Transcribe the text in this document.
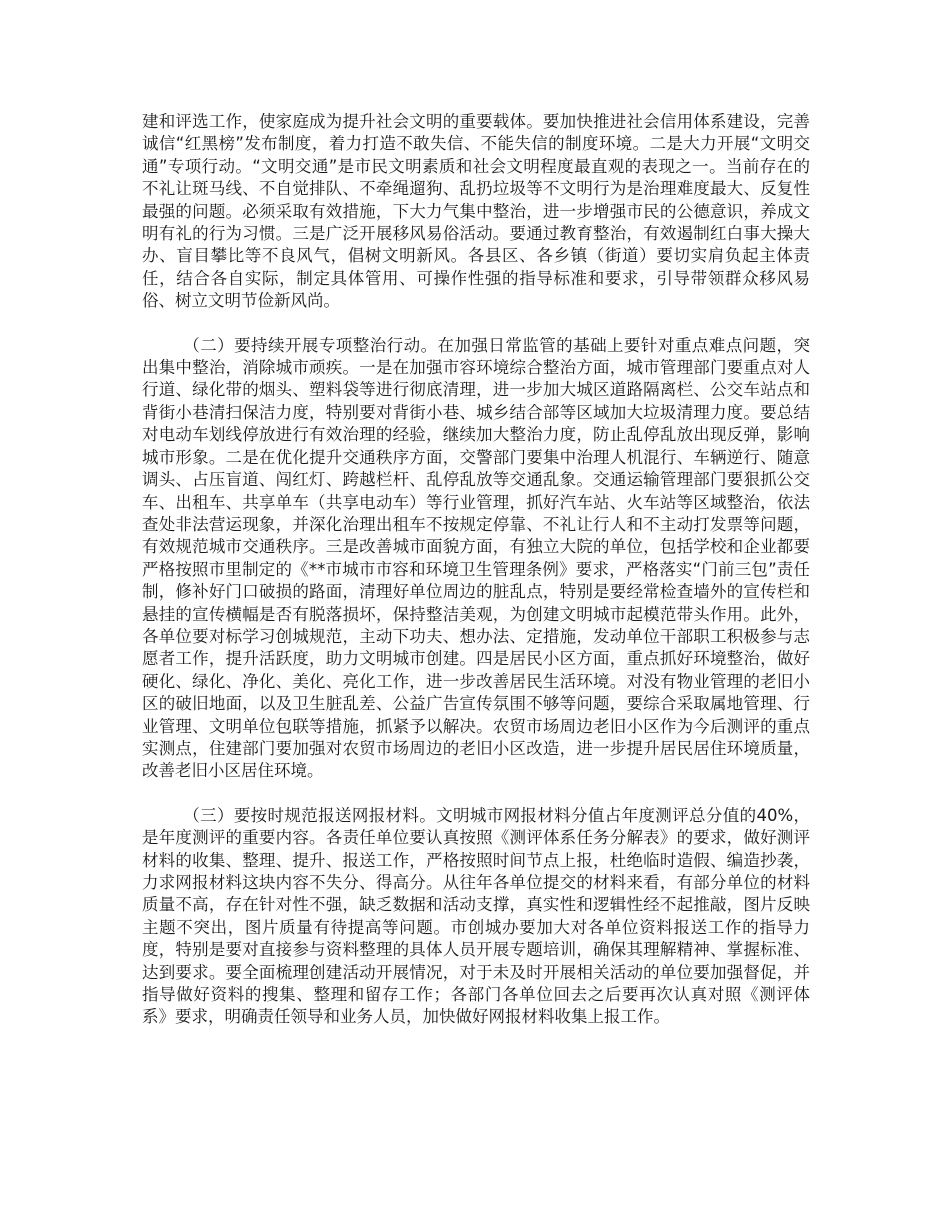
建和评选工作，使家庭成为提升社会文明的重要载体。要加快推进社会信用体系建设，完善诚信“红黑榜”发布制度，着力打造不敢失信、不能失信的制度环境。二是大力开展“文明交通”专项行动。“文明交通”是市民文明素质和社会文明程度最直观的表现之一。当前存在的不礼让斑马线、不自觉排队、不牵绳遛狗、乱扔垃圾等不文明行为是治理难度最大、反复性最强的问题。必须采取有效措施，下大力气集中整治，进一步增强市民的公德意识，养成文明有礼的行为习惯。三是广泛开展移风易俗活动。要通过教育整治，有效遏制红白事大操大办、盲目攀比等不良风气，倡树文明新风。各县区、各乡镇（街道）要切实肩负起主体责任，结合各自实际，制定具体管用、可操作性强的指导标准和要求，引导带领群众移风易俗、树立文明节俭新风尚。

（二）要持续开展专项整治行动。在加强日常监管的基础上要针对重点难点问题，突出集中整治，消除城市顽疾。一是在加强市容环境综合整治方面，城市管理部门要重点对人行道、绿化带的烟头、塑料袋等进行彻底清理，进一步加大城区道路隔离栏、公交车站点和背街小巷清扫保洁力度，特别要对背街小巷、城乡结合部等区域加大垃圾清理力度。要总结对电动车划线停放进行有效治理的经验，继续加大整治力度，防止乱停乱放出现反弹，影响城市形象。二是在优化提升交通秩序方面，交警部门要集中治理人机混行、车辆逆行、随意调头、占压盲道、闯红灯、跨越栏杆、乱停乱放等交通乱象。交通运输管理部门要狠抓公交车、出租车、共享单车（共享电动车）等行业管理，抓好汽车站、火车站等区域整治，依法查处非法营运现象，并深化治理出租车不按规定停靠、不礼让行人和不主动打发票等问题，有效规范城市交通秩序。三是改善城市面貌方面，有独立大院的单位，包括学校和企业都要严格按照市里制定的《**市城市市容和环境卫生管理条例》要求，严格落实“门前三包”责任制，修补好门口破损的路面，清理好单位周边的脏乱点，特别是要经常检查墙外的宣传栏和悬挂的宣传横幅是否有脱落损坏，保持整洁美观，为创建文明城市起模范带头作用。此外，各单位要对标学习创城规范，主动下功夫、想办法、定措施，发动单位干部职工积极参与志愿者工作，提升活跃度，助力文明城市创建。四是居民小区方面，重点抓好环境整治，做好硬化、绿化、净化、美化、亮化工作，进一步改善居民生活环境。对没有物业管理的老旧小区的破旧地面，以及卫生脏乱差、公益广告宣传氛围不够等问题，要综合采取属地管理、行业管理、文明单位包联等措施，抓紧予以解决。农贸市场周边老旧小区作为今后测评的重点实测点，住建部门要加强对农贸市场周边的老旧小区改造，进一步提升居民居住环境质量，改善老旧小区居住环境。

（三）要按时规范报送网报材料。文明城市网报材料分值占年度测评总分值的40%，是年度测评的重要内容。各责任单位要认真按照《测评体系任务分解表》的要求，做好测评材料的收集、整理、提升、报送工作，严格按照时间节点上报，杜绝临时造假、编造抄袭，力求网报材料这块内容不失分、得高分。从往年各单位提交的材料来看，有部分单位的材料质量不高，存在针对性不强，缺乏数据和活动支撑，真实性和逻辑性经不起推敲，图片反映主题不突出，图片质量有待提高等问题。市创城办要加大对各单位资料报送工作的指导力度，特别是要对直接参与资料整理的具体人员开展专题培训，确保其理解精神、掌握标准、达到要求。要全面梳理创建活动开展情况，对于未及时开展相关活动的单位要加强督促，并指导做好资料的搜集、整理和留存工作；各部门各单位回去之后要再次认真对照《测评体系》要求，明确责任领导和业务人员，加快做好网报材料收集上报工作。
